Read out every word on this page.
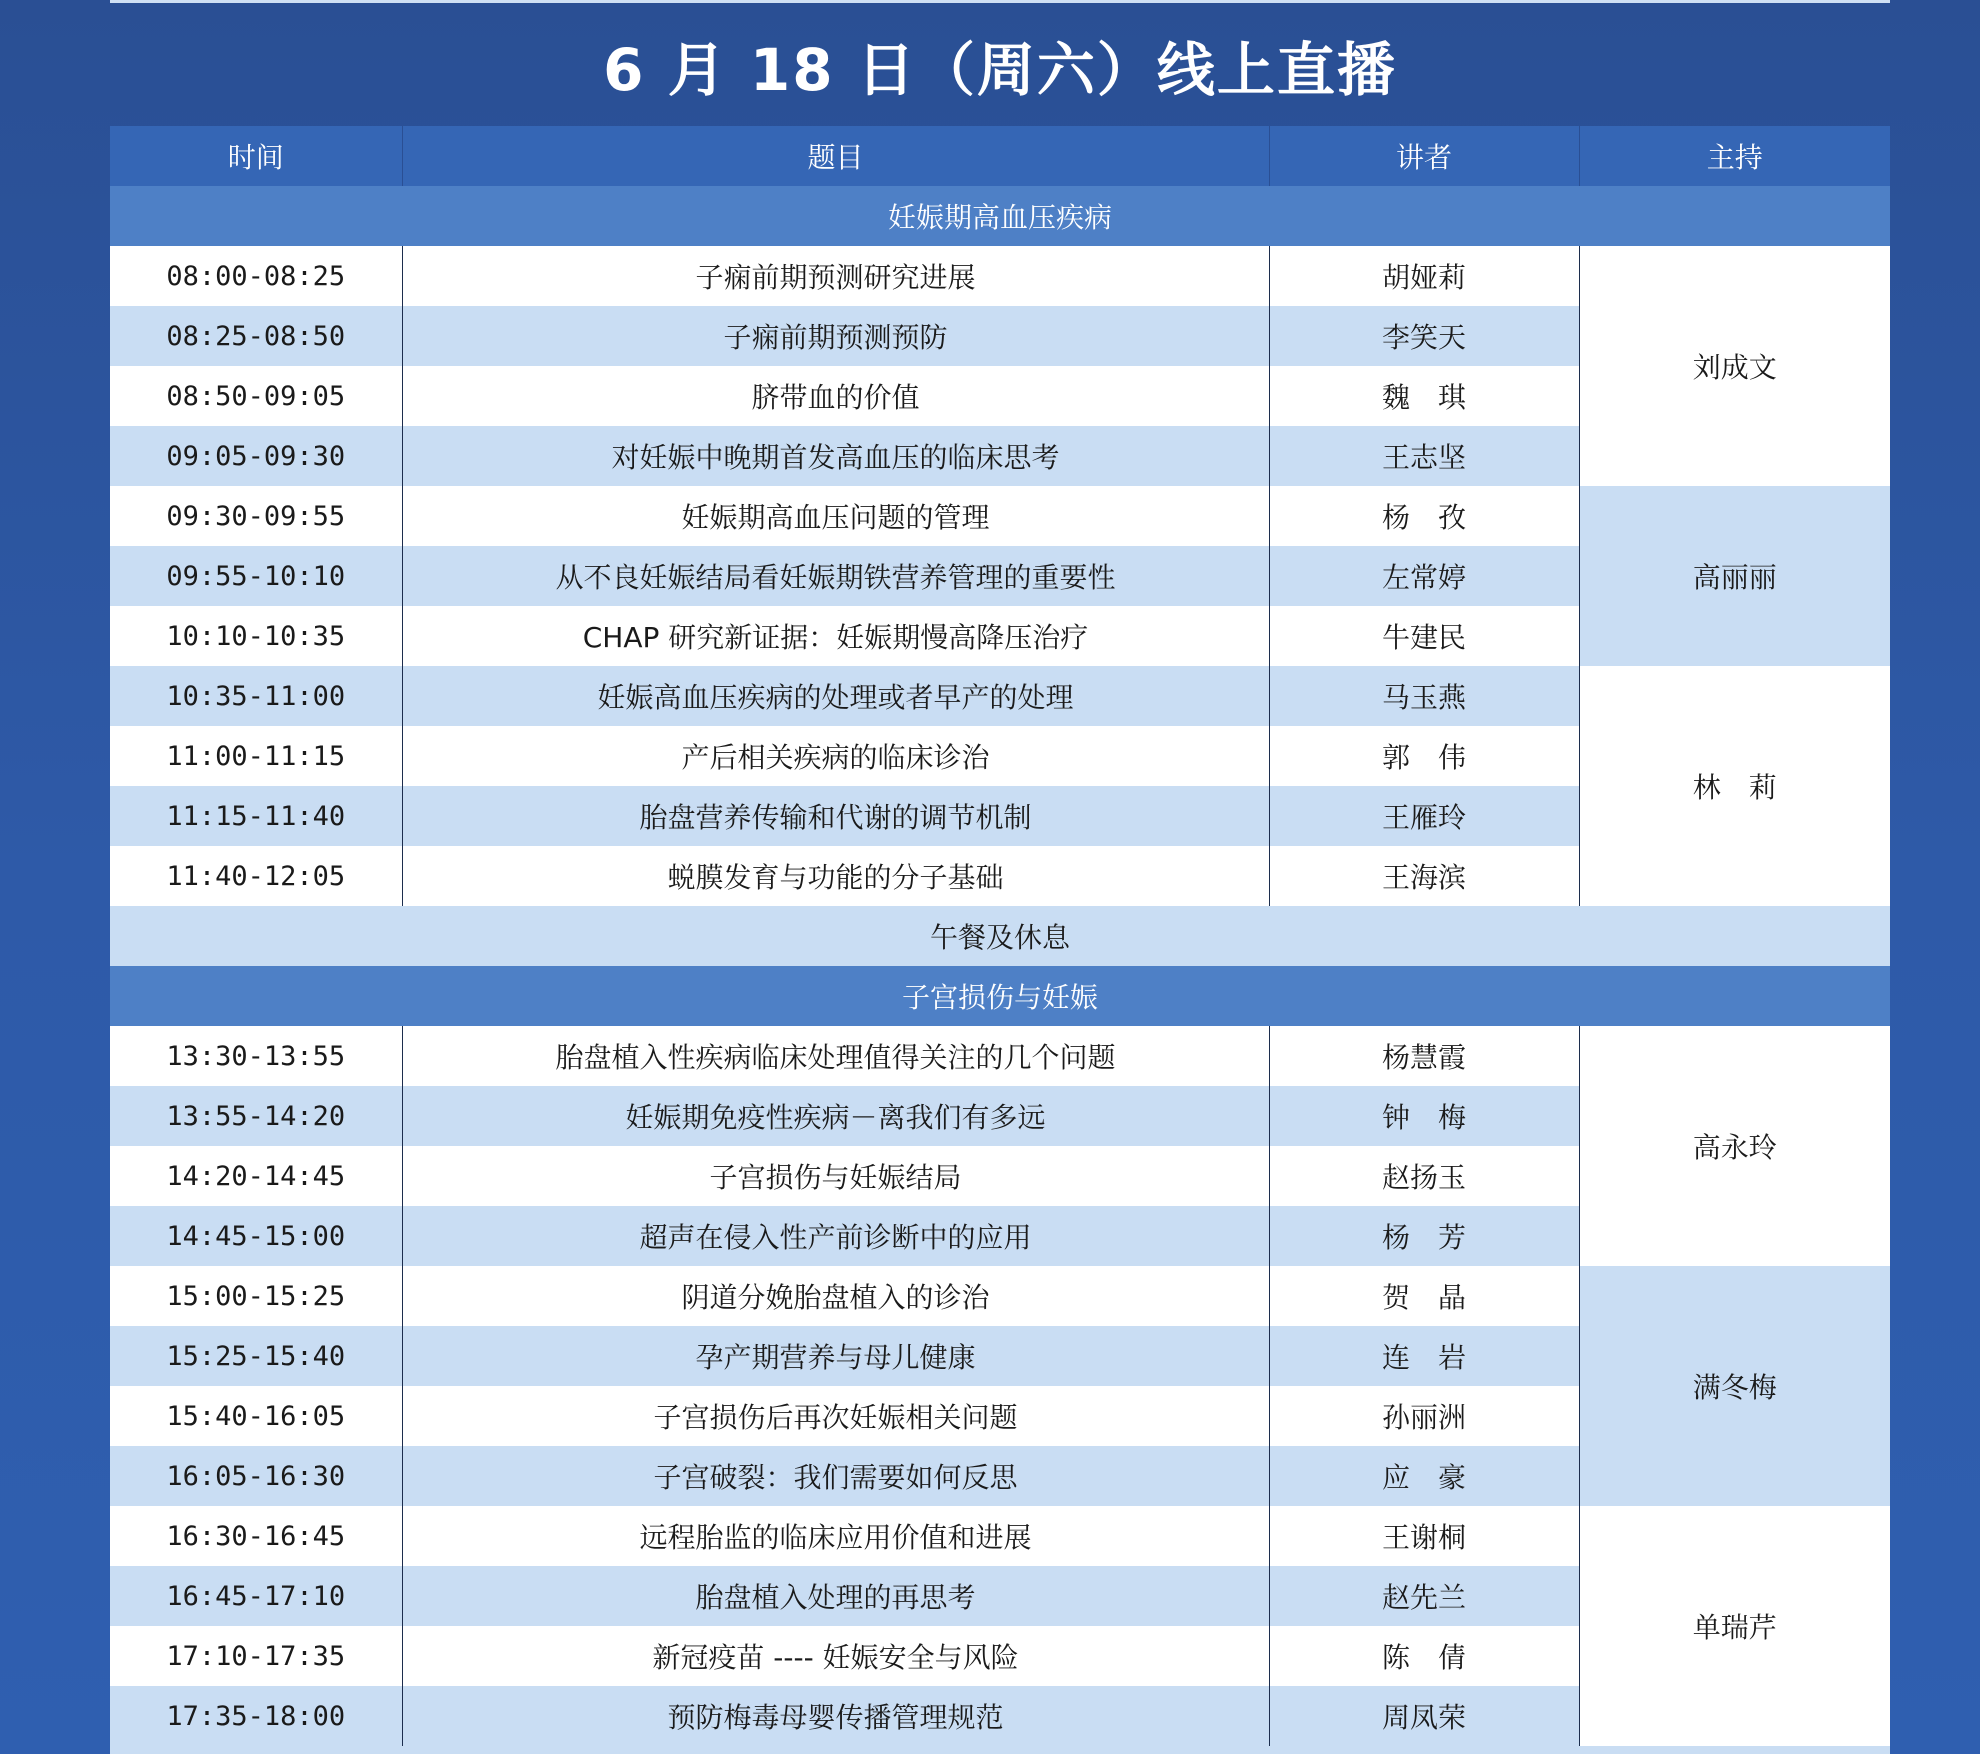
6 月 18 日（周六）线上直播
时间	题目	讲者	主持
妊娠期高血压疾病			
08:00-08:25	子痫前期预测研究进展	胡娅莉	刘成文
08:25-08:50	子痫前期预测预防	李笑天	
08:50-09:05	脐带血的价值	魏　琪	
09:05-09:30	对妊娠中晚期首发高血压的临床思考	王志坚	
09:30-09:55	妊娠期高血压问题的管理	杨　孜	高丽丽
09:55-10:10	从不良妊娠结局看妊娠期铁营养管理的重要性	左常婷	
10:10-10:35	CHAP 研究新证据：妊娠期慢高降压治疗	牛建民	
10:35-11:00	妊娠高血压疾病的处理或者早产的处理	马玉燕	林　莉
11:00-11:15	产后相关疾病的临床诊治	郭　伟	
11:15-11:40	胎盘营养传输和代谢的调节机制	王雁玲	
11:40-12:05	蜕膜发育与功能的分子基础	王海滨	
午餐及休息			
子宫损伤与妊娠			
13:30-13:55	胎盘植入性疾病临床处理值得关注的几个问题	杨慧霞	高永玲
13:55-14:20	妊娠期免疫性疾病－离我们有多远	钟　梅	
14:20-14:45	子宫损伤与妊娠结局	赵扬玉	
14:45-15:00	超声在侵入性产前诊断中的应用	杨　芳	
15:00-15:25	阴道分娩胎盘植入的诊治	贺　晶	满冬梅
15:25-15:40	孕产期营养与母儿健康	连　岩	
15:40-16:05	子宫损伤后再次妊娠相关问题	孙丽洲	
16:05-16:30	子宫破裂：我们需要如何反思	应　豪	
16:30-16:45	远程胎监的临床应用价值和进展	王谢桐	单瑞芹
16:45-17:10	胎盘植入处理的再思考	赵先兰	
17:10-17:35	新冠疫苗 ---- 妊娠安全与风险	陈　倩	
17:35-18:00	预防梅毒母婴传播管理规范	周凤荣	
